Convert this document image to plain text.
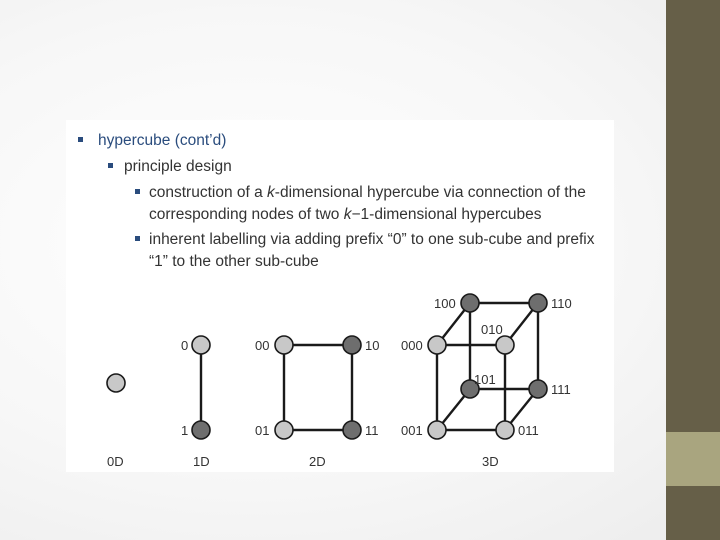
hypercube (cont’d)
principle design
construction of a k-dimensional hypercube via connection of the
corresponding nodes of two k−1-dimensional hypercubes
inherent labelling via adding prefix “0” to one sub-cube and prefix
“1” to the other sub-cube
0
1
00	10
01	11
100	110
010
000
101
111
001	011
0D	1D	2D	3D
